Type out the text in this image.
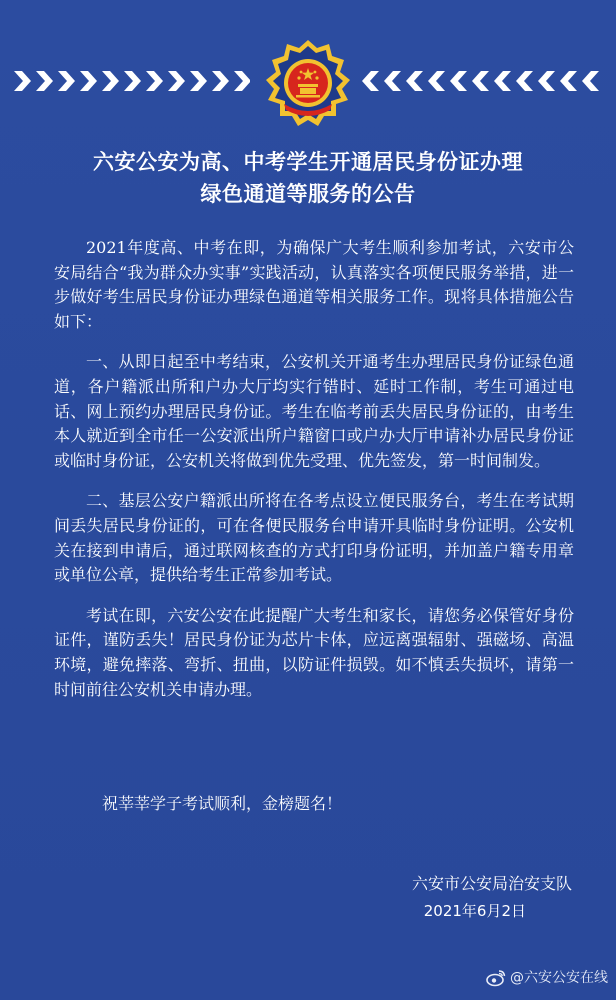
六安公安为高、中考学生开通居民身份证办理
绿色通道等服务的公告

2021年度高、中考在即，为确保广大考生顺利参加考试，六安市公安局结合“我为群众办实事”实践活动，认真落实各项便民服务举措，进一步做好考生居民身份证办理绿色通道等相关服务工作。现将具体措施公告如下：

一、从即日起至中考结束，公安机关开通考生办理居民身份证绿色通道，各户籍派出所和户办大厅均实行错时、延时工作制，考生可通过电话、网上预约办理居民身份证。考生在临考前丢失居民身份证的，由考生本人就近到全市任一公安派出所户籍窗口或户办大厅申请补办居民身份证或临时身份证，公安机关将做到优先受理、优先签发，第一时间制发。

二、基层公安户籍派出所将在各考点设立便民服务台，考生在考试期间丢失居民身份证的，可在各便民服务台申请开具临时身份证明。公安机关在接到申请后，通过联网核查的方式打印身份证明，并加盖户籍专用章或单位公章，提供给考生正常参加考试。

考试在即，六安公安在此提醒广大考生和家长，请您务必保管好身份证件，谨防丢失！居民身份证为芯片卡体，应远离强辐射、强磁场、高温环境，避免摔落、弯折、扭曲，以防证件损毁。如不慎丢失损坏，请第一时间前往公安机关申请办理。

祝莘莘学子考试顺利，金榜题名！
六安市公安局治安支队
2021年6月2日
@六安公安在线
